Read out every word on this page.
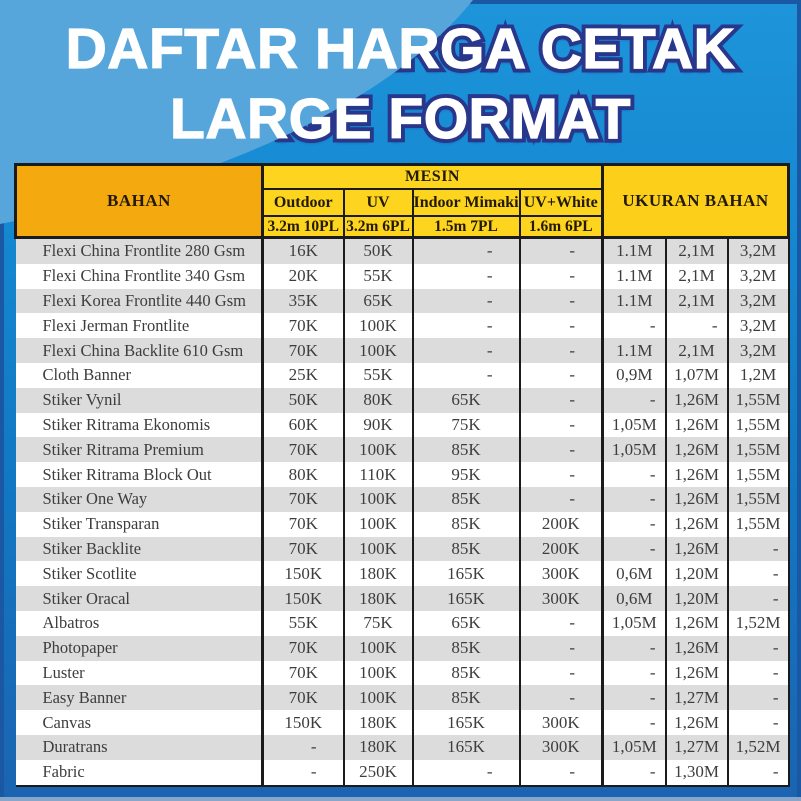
DAFTAR HARGA CETAK DAFTAR HARGA CETAK
LARGE FORMAT LARGE FORMAT
BAHAN	MESIN				UKURAN BAHAN		
	Outdoor	UV	Indoor Mimaki	UV+White			
	3.2m 10PL	3.2m 6PL	1.5m 7PL	1.6m 6PL			
Flexi China Frontlite 280 Gsm	16K	50K	-	-	1.1M	2,1M	3,2M
Flexi China Frontlite 340 Gsm	20K	55K	-	-	1.1M	2,1M	3,2M
Flexi Korea Frontlite 440 Gsm	35K	65K	-	-	1.1M	2,1M	3,2M
Flexi Jerman Frontlite	70K	100K	-	-	-	-	3,2M
Flexi China Backlite 610 Gsm	70K	100K	-	-	1.1M	2,1M	3,2M
Cloth Banner	25K	55K	-	-	0,9M	1,07M	1,2M
Stiker Vynil	50K	80K	65K	-	-	1,26M	1,55M
Stiker Ritrama Ekonomis	60K	90K	75K	-	1,05M	1,26M	1,55M
Stiker Ritrama Premium	70K	100K	85K	-	1,05M	1,26M	1,55M
Stiker Ritrama Block Out	80K	110K	95K	-	-	1,26M	1,55M
Stiker One Way	70K	100K	85K	-	-	1,26M	1,55M
Stiker Transparan	70K	100K	85K	200K	-	1,26M	1,55M
Stiker Backlite	70K	100K	85K	200K	-	1,26M	-
Stiker Scotlite	150K	180K	165K	300K	0,6M	1,20M	-
Stiker Oracal	150K	180K	165K	300K	0,6M	1,20M	-
Albatros	55K	75K	65K	-	1,05M	1,26M	1,52M
Photopaper	70K	100K	85K	-	-	1,26M	-
Luster	70K	100K	85K	-	-	1,26M	-
Easy Banner	70K	100K	85K	-	-	1,27M	-
Canvas	150K	180K	165K	300K	-	1,26M	-
Duratrans	-	180K	165K	300K	1,05M	1,27M	1,52M
Fabric	-	250K	-	-	-	1,30M	-
